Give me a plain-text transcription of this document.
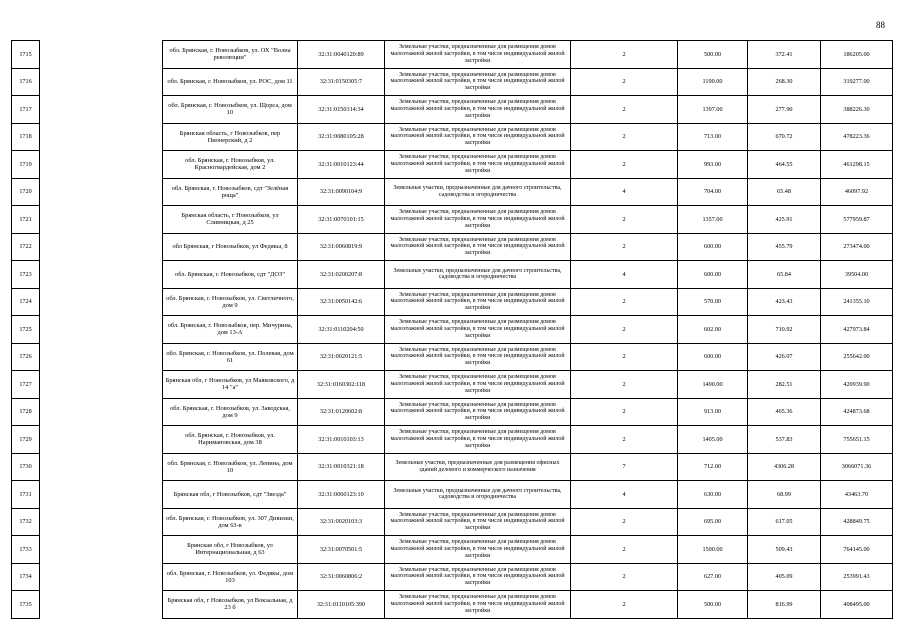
88
1715		обл. Брянская, г. Новозыбков, ул. ОХ "Волна революции"	32:31:0040120:89	Земельные участки, предназначенные для размещения домов малоэтажной жилой застройки, в том числе индивидуальной жилой застройки	2	500.00	372.41	186205.00
1716		обл. Брянская, г. Новозыбков, ул. РОС, дом 11	32:31:0150305:7	Земельные участки, предназначенные для размещения домов малоэтажной жилой застройки, в том числе индивидуальной жилой застройки	2	1190.00	268.30	319277.00
1717		обл. Брянская, г. Новозыбков, ул. Щорса, дом 10	32:31:0150314:34	Земельные участки, предназначенные для размещения домов малоэтажной жилой застройки, в том числе индивидуальной жилой застройки	2	1397.00	277.90	388226.30
1718		Брянская область, г Новозыбков, пер Пионерский, д 2	32:31:0080105:28	Земельные участки, предназначенные для размещения домов малоэтажной жилой застройки, в том числе индивидуальной жилой застройки	2	713.00	670.72	478223.36
1719		обл. Брянская, г. Новозыбков, ул. Красногвардейская, дом 2	32:31:0010123:44	Земельные участки, предназначенные для размещения домов малоэтажной жилой застройки, в том числе индивидуальной жилой застройки	2	993.00	464.55	461298.15
1720		обл. Брянская, г. Новозыбков, сдт "Зелёная роща"	32:31:0090104:9	Земельные участки, предназначенные для дачного строительства, садоводства и огородничества	4	704.00	65.48	46097.92
1721		Брянская область, г Новозыбков, ул Сливницкая, д 25	32:31:0070101:15	Земельные участки, предназначенные для размещения домов малоэтажной жилой застройки, в том числе индивидуальной жилой застройки	2	1357.00	425.91	577959.87
1722		обл Брянская, г Новозыбков, ул Федякы, 8	32:31:0060819:9	Земельные участки, предназначенные для размещения домов малоэтажной жилой застройки, в том числе индивидуальной жилой застройки	2	600.00	455.79	273474.00
1723		обл. Брянская, г. Новозыбков, сдт "ДОЗ"	32:31:0200207:8	Земельные участки, предназначенные для дачного строительства, садоводства и огородничества	4	600.00	65.84	39504.00
1724		обл. Брянская, г. Новозыбков, ул. Светличного, дом 9	32:31:0050142:6	Земельные участки, предназначенные для размещения домов малоэтажной жилой застройки, в том числе индивидуальной жилой застройки	2	570.00	423.43	241355.10
1725		обл. Брянская, г. Новозыбков, пер. Мичурина, дом 13-А	32:31:0110204:50	Земельные участки, предназначенные для размещения домов малоэтажной жилой застройки, в том числе индивидуальной жилой застройки	2	602.00	710.92	427973.84
1726		обл. Брянская, г. Новозыбков, ул. Полевая, дом 61	32:31:0020121:5	Земельные участки, предназначенные для размещения домов малоэтажной жилой застройки, в том числе индивидуальной жилой застройки	2	600.00	426.07	255642.00
1727		Брянская обл, г Новозыбков, ул Маяковского, д 14 "а"	32:31:0160302:118	Земельные участки, предназначенные для размещения домов малоэтажной жилой застройки, в том числе индивидуальной жилой застройки	2	1490.00	282.51	420939.90
1728		обл. Брянская, г. Новозыбков, ул. Заводская, дом 9	32:31:0120602:8	Земельные участки, предназначенные для размещения домов малоэтажной жилой застройки, в том числе индивидуальной жилой застройки	2	913.00	465.36	424873.68
1729		обл. Брянская, г. Новозыбков, ул. Наримановская, дом 38	32:31:0010103:13	Земельные участки, предназначенные для размещения домов малоэтажной жилой застройки, в том числе индивидуальной жилой застройки	2	1405.00	537.83	755651.15
1730		обл. Брянская, г. Новозыбков, ул. Ленина, дом 10	32:31:0010321:18	Земельные участки, предназначенные для размещения офисных зданий делового и коммерческого назначения	7	712.00	4306.28	3066071.36
1731		Брянская обл, г Новозыбков, сдт "Звезда"	32:31:0060123:10	Земельные участки, предназначенные для дачного строительства, садоводства и огородничества	4	630.00	68.99	43463.70
1732		обл. Брянская, г. Новозыбков, ул. 307 Дивизии, дом 63-в	32:31:0020103:3	Земельные участки, предназначенные для размещения домов малоэтажной жилой застройки, в том числе индивидуальной жилой застройки	2	695.00	617.05	428849.75
1733		Брянская обл, г Новозыбков, ул Интернациональная, д 63	32:31:0070501:5	Земельные участки, предназначенные для размещения домов малоэтажной жилой застройки, в том числе индивидуальной жилой застройки	2	1500.00	509.43	764145.00
1734		обл. Брянская, г. Новозыбков, ул. Федякы, дом 103	32:31:0060806:2	Земельные участки, предназначенные для размещения домов малоэтажной жилой застройки, в том числе индивидуальной жилой застройки	2	627.00	405.09	253991.43
1735		Брянская обл, г Новозыбков, ул Вокзальная, д 23 б	32:31:0110105:390	Земельные участки, предназначенные для размещения домов малоэтажной жилой застройки, в том числе индивидуальной жилой застройки	2	500.00	816.99	408495.00
